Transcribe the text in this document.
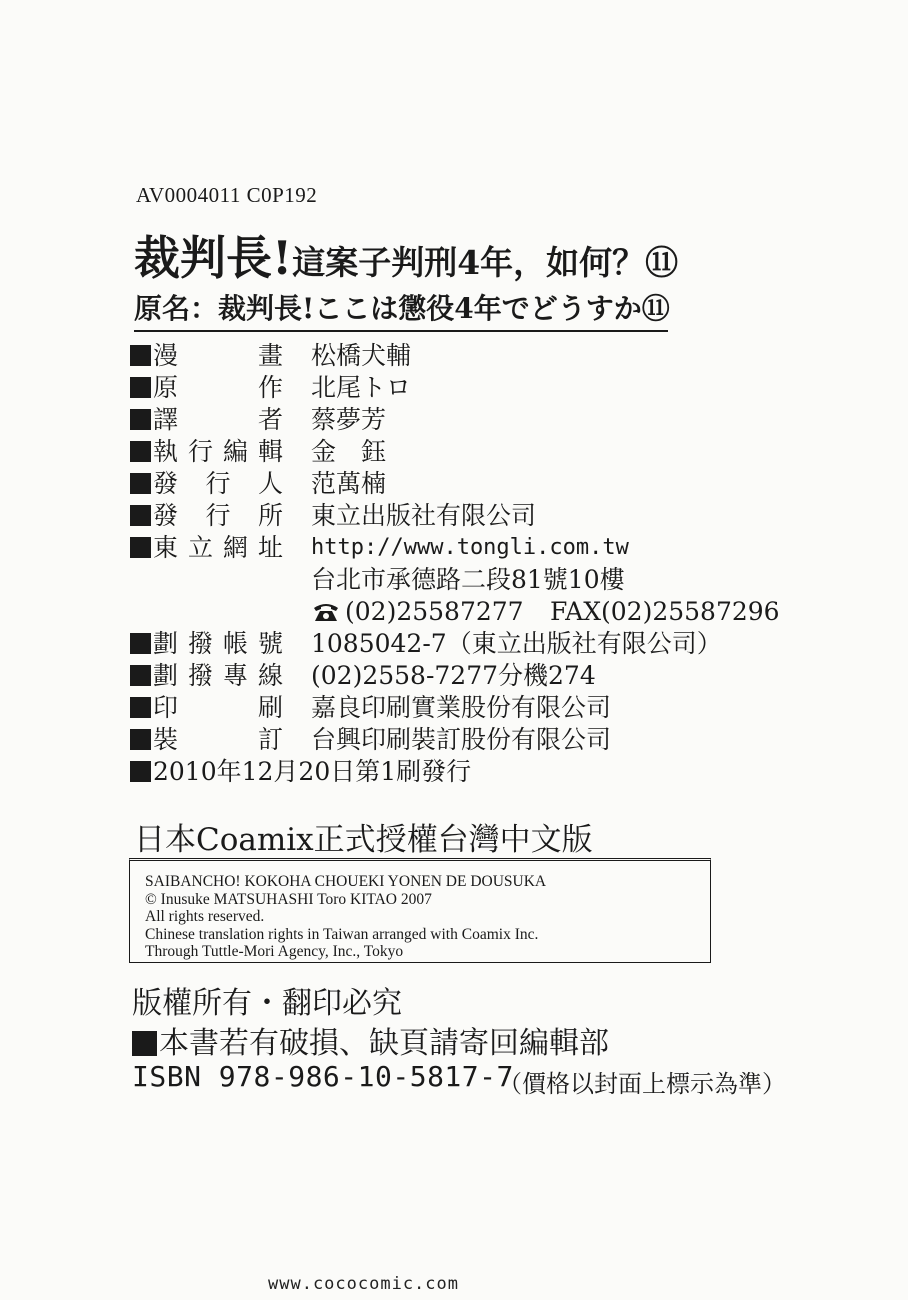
AV0004011 C0P192
裁判長!這案子判刑4年，如何？⑪
原名：裁判長!ここは懲役4年でどうすか⑪
漫畫 松橋犬輔
原作 北尾トロ
譯者 蔡夢芳
執行編輯 金　鈺
發行人 范萬楠
發行所 東立出版社有限公司
東立網址 http://www.tongli.com.tw
台北市承德路二段81號10樓
(02)25587277 FAX(02)25587296
劃撥帳號 1085042-7（東立出版社有限公司）
劃撥專線 (02)2558-7277分機274
印刷 嘉良印刷實業股份有限公司
裝訂 台興印刷裝訂股份有限公司
2010年12月20日第1刷發行
日本Coamix正式授權台灣中文版
SAIBANCHO! KOKOHA CHOUEKI YONEN DE DOUSUKA
© Inusuke MATSUHASHI Toro KITAO 2007
All rights reserved.
Chinese translation rights in Taiwan arranged with Coamix Inc.
Through Tuttle-Mori Agency, Inc., Tokyo
版權所有・翻印必究
本書若有破損、缺頁請寄回編輯部
ISBN 978-986-10-5817-7
（價格以封面上標示為準）
www.cococomic.com
